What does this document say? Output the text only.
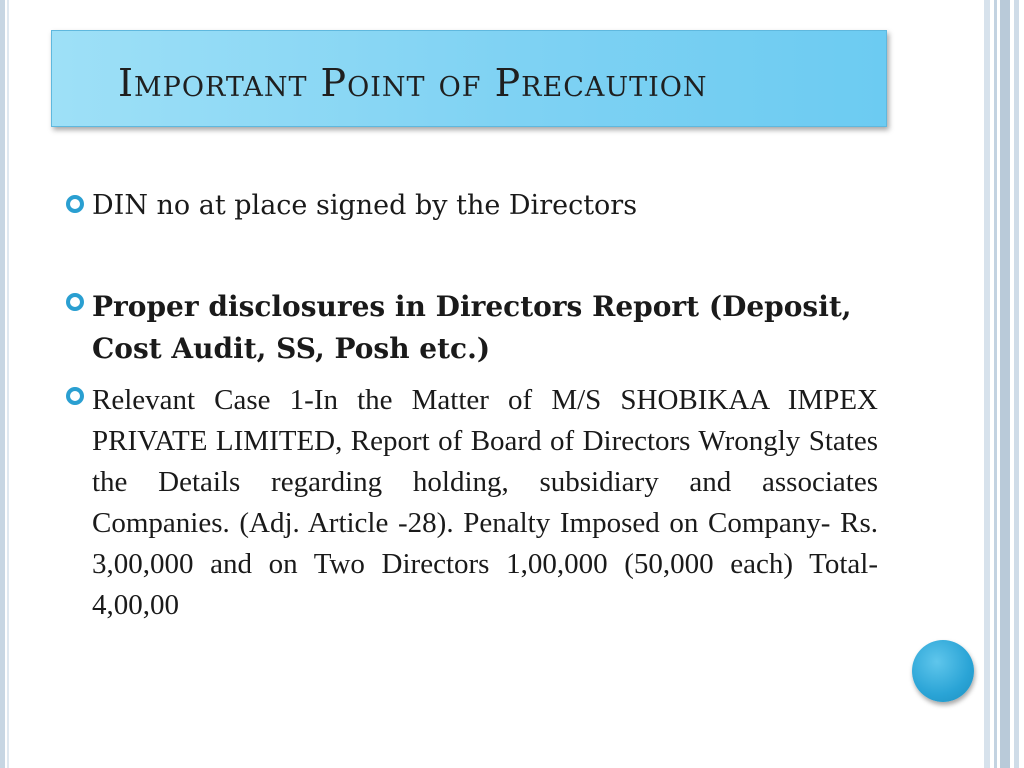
Important Point of Precaution
DIN no at place signed by the Directors
Proper disclosures in Directors Report (Deposit, Cost Audit, SS, Posh etc.)
Relevant Case 1-In the Matter of M/S SHOBIKAA IMPEX PRIVATE LIMITED, Report of Board of Directors Wrongly States the Details regarding holding, subsidiary and associates Companies. (Adj. Article -28). Penalty Imposed on Company- Rs. 3,00,000 and on Two Directors 1,00,000 (50,000 each) Total- 4,00,00
